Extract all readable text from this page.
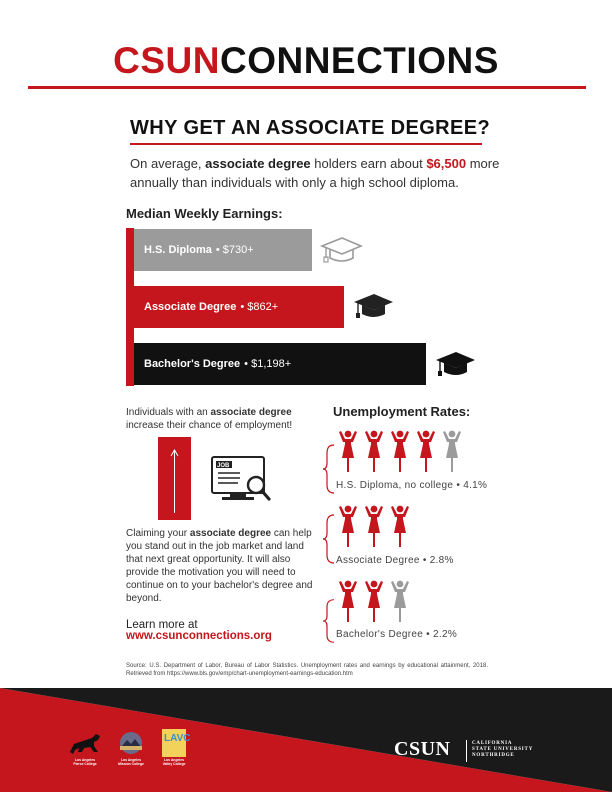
CSUNCONNECTIONS
WHY GET AN ASSOCIATE DEGREE?
On average, associate degree holders earn about $6,500 more annually than individuals with only a high school diploma.
Median Weekly Earnings:
H.S. Diploma • $730+
Associate Degree • $862+
Bachelor's Degree • $1,198+
Individuals with an associate degree increase their chance of employment!
JOB
Claiming your associate degree can help you stand out in the job market and land that next great opportunity. It will also provide the motivation you will need to continue on to your bachelor's degree and beyond.
Learn more at
www.csunconnections.org
Unemployment Rates:
H.S. Diploma, no college • 4.1%
Associate Degree • 2.8%
Bachelor's Degree • 2.2%
Source: U.S. Department of Labor, Bureau of Labor Statistics. Unemployment rates and earnings by educational attainment, 2018. Retrieved from https://www.bls.gov/emp/chart-unemployment-earnings-education.htm
Los Angeles
Pierce College
Los Angeles
Mission College
LAVC
Los Angeles
Valley College
CSUN	CALIFORNIA
STATE UNIVERSITY
NORTHRIDGE
